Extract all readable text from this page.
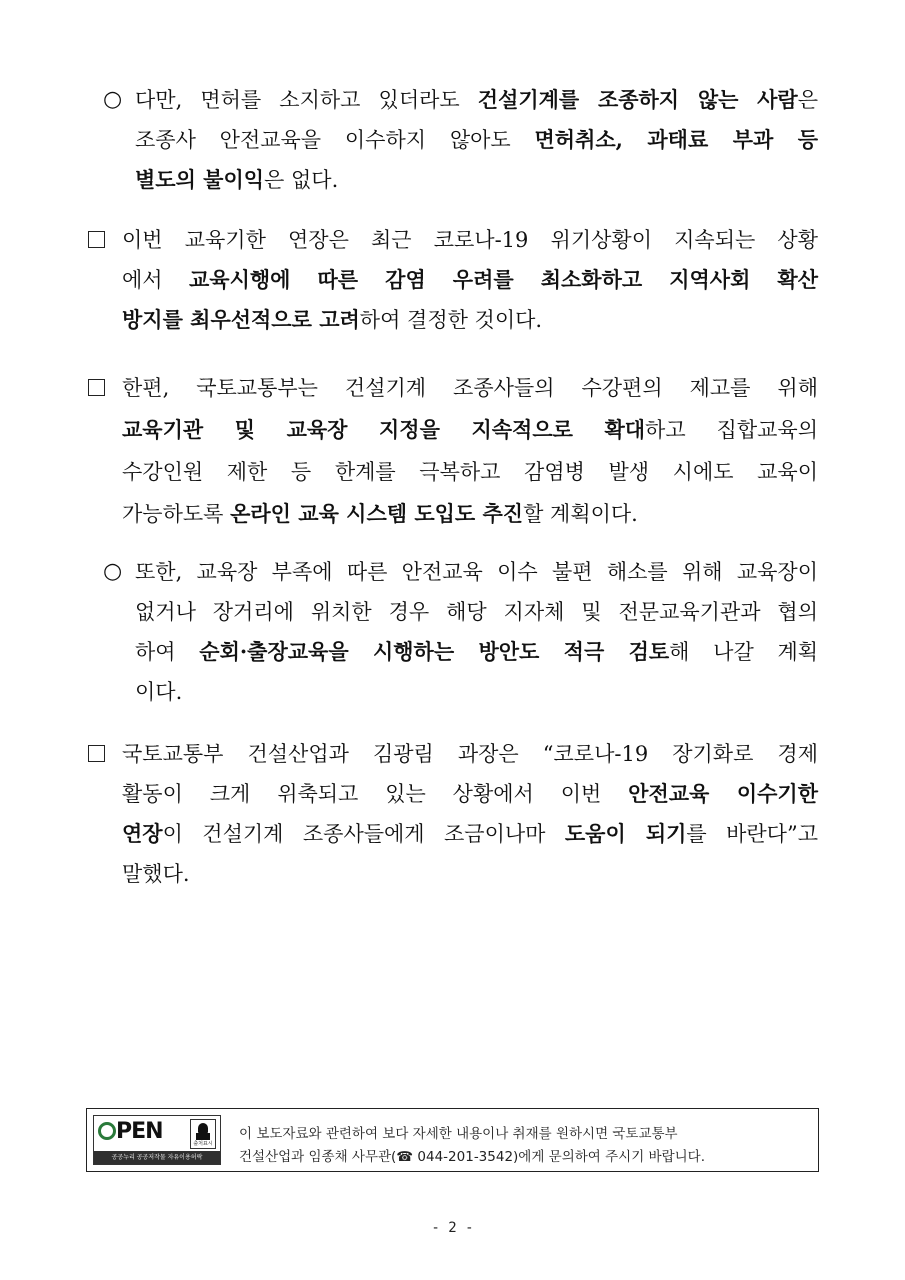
○ 다만, 면허를 소지하고 있더라도 건설기계를 조종하지 않는 사람은
조종사 안전교육을 이수하지 않아도 면허취소, 과태료 부과 등
별도의 불이익은 없다.
이번 교육기한 연장은 최근 코로나-19 위기상황이 지속되는 상황
에서 교육시행에 따른 감염 우려를 최소화하고 지역사회 확산
방지를 최우선적으로 고려하여 결정한 것이다.
한편, 국토교통부는 건설기계 조종사들의 수강편의 제고를 위해
교육기관 및 교육장 지정을 지속적으로 확대하고 집합교육의
수강인원 제한 등 한계를 극복하고 감염병 발생 시에도 교육이
가능하도록 온라인 교육 시스템 도입도 추진할 계획이다.
○ 또한, 교육장 부족에 따른 안전교육 이수 불편 해소를 위해 교육장이
없거나 장거리에 위치한 경우 해당 지자체 및 전문교육기관과 협의
하여 순회·출장교육을 시행하는 방안도 적극 검토해 나갈 계획
이다.
국토교통부 건설산업과 김광림 과장은 “코로나-19 장기화로 경제
활동이 크게 위축되고 있는 상황에서 이번 안전교육 이수기한
연장이 건설기계 조종사들에게 조금이나마 도움이 되기를 바란다”고
말했다.
PEN	출처표시
공공누리 공공저작물 자유이용허락
이 보도자료와 관련하여 보다 자세한 내용이나 취재를 원하시면 국토교통부
건설산업과 임종채 사무관(☎ 044-201-3542)에게 문의하여 주시기 바랍니다.
- 2 -
